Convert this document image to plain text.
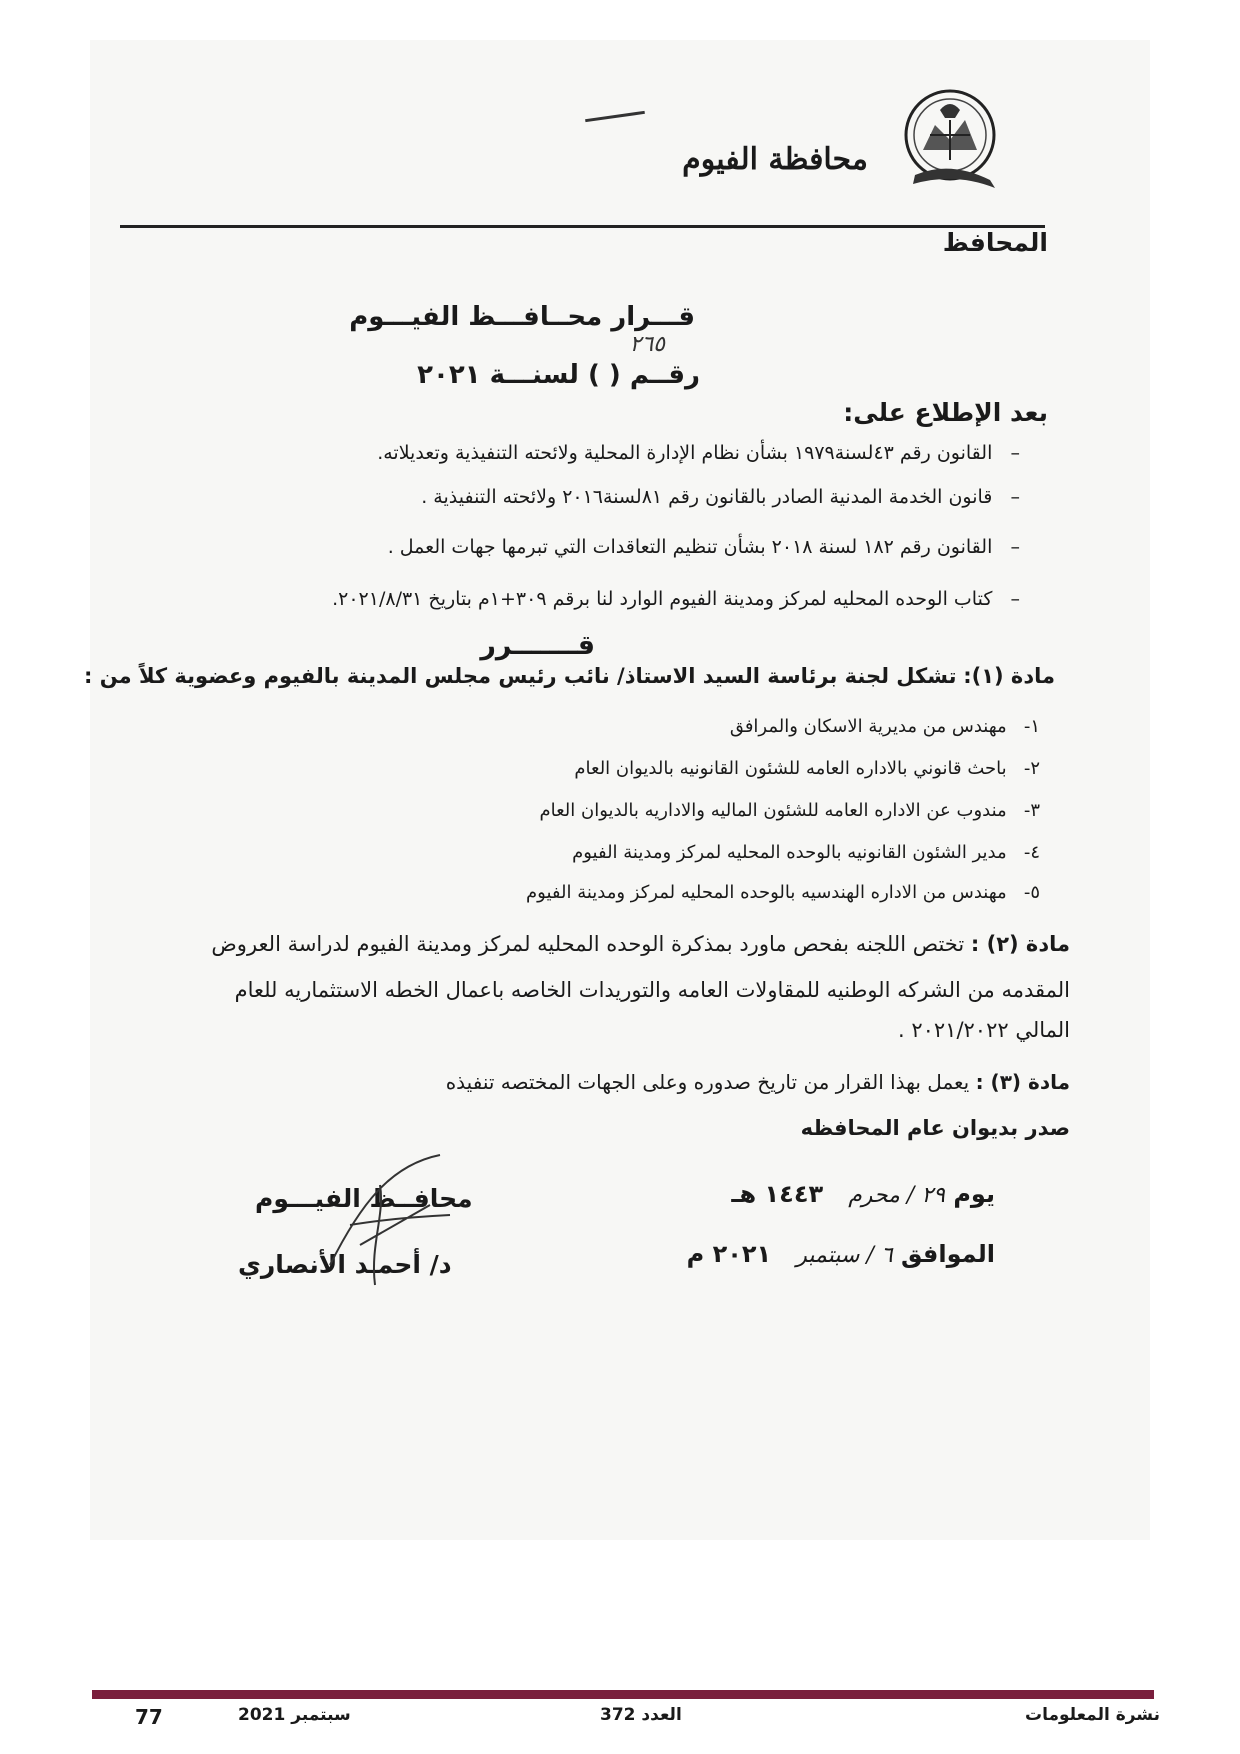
محافظة الفيوم
المحافظ
قـــرار محــافـــظ الفيـــوم
٢٦٥
رقــم ( ) لسنـــة ٢٠٢١
بعد الإطلاع على:
–   القانون رقم ٤٣لسنة١٩٧٩ بشأن نظام الإدارة المحلية ولائحته التنفيذية وتعديلاته.
–   قانون الخدمة المدنية الصادر بالقانون رقم ٨١لسنة٢٠١٦ ولائحته التنفيذية .
–   القانون رقم ١٨٢ لسنة ٢٠١٨ بشأن تنظيم التعاقدات التي تبرمها جهات العمل .
–   كتاب الوحده المحليه لمركز ومدينة الفيوم الوارد لنا برقم ٣٠٩+١م بتاريخ ٢٠٢١/٨/٣١.
قـــــــرر
مادة (١): تشكل لجنة برئاسة السيد الاستاذ/ نائب رئيس مجلس المدينة بالفيوم وعضوية كلاً من :
١-   مهندس من مديرية الاسكان والمرافق
٢-   باحث قانوني بالاداره العامه للشئون القانونيه بالديوان العام
٣-   مندوب عن الاداره العامه للشئون الماليه والاداريه بالديوان العام
٤-   مدير الشئون القانونيه بالوحده المحليه لمركز ومدينة الفيوم
٥-   مهندس من الاداره الهندسيه بالوحده المحليه لمركز ومدينة الفيوم
مادة (٢) : تختص اللجنه بفحص ماورد بمذكرة الوحده المحليه لمركز ومدينة الفيوم لدراسة العروض
المقدمه من الشركه الوطنيه للمقاولات العامه والتوريدات الخاصه باعمال الخطه الاستثماريه للعام
المالي ٢٠٢١/٢٠٢٢ .
مادة (٣) : يعمل بهذا القرار من تاريخ صدوره وعلى الجهات المختصه تنفيذه
صدر بديوان عام المحافظه
يوم ٢٩ / محرم   ١٤٤٣ هـ
الموافق ٦ / سبتمبر   ٢٠٢١ م
محافــظ الفيـــوم
د/ أحمـد الأنصاري
77	سبتمبر 2021	العدد 372	نشرة المعلومات
